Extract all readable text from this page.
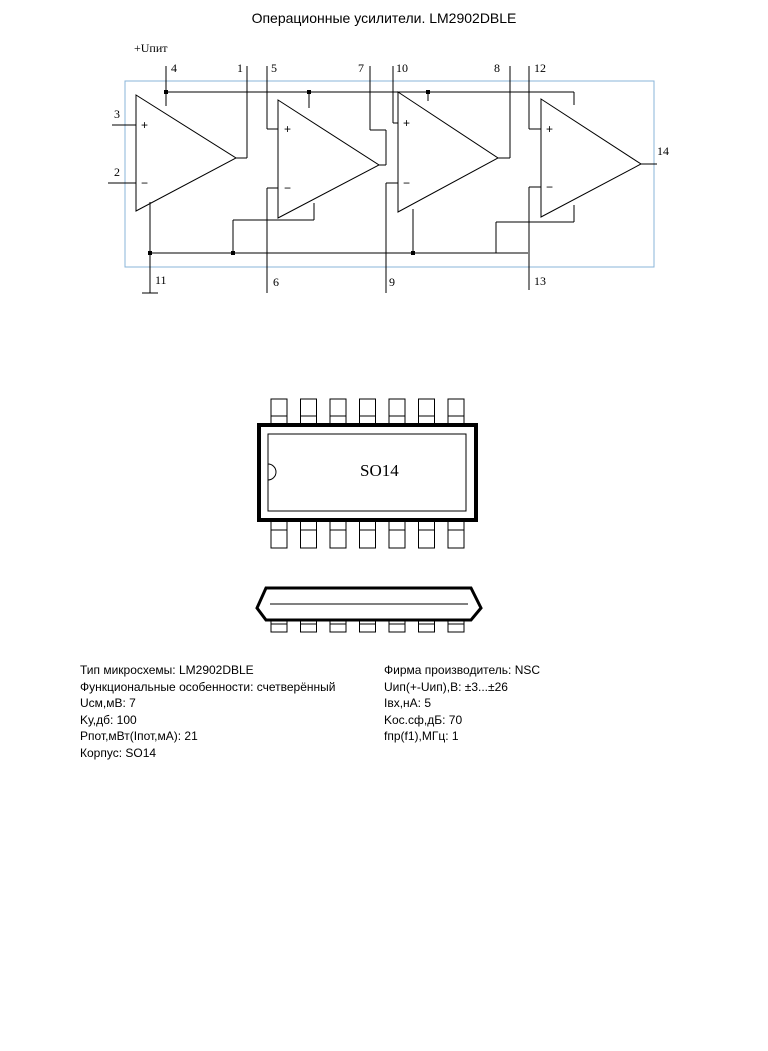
Операционные усилители. LM2902DBLE
+Uпит
4	1 5	7	10	8	12
3
2
14
11	6	9	13
+
−
+
−
+
−
+
−
SO14
Тип микросхемы: LM2902DBLE
Функциональные особенности: счетверённый
Uсм,мВ: 7
Kу,дб: 100
Pпот,мВт(Iпот,мА): 21
Корпус: SO14
Фирма производитель: NSC
Uип(+-Uип),В: ±3...±26
Iвх,нА: 5
Kос.сф,дБ: 70
fпр(f1),МГц: 1
